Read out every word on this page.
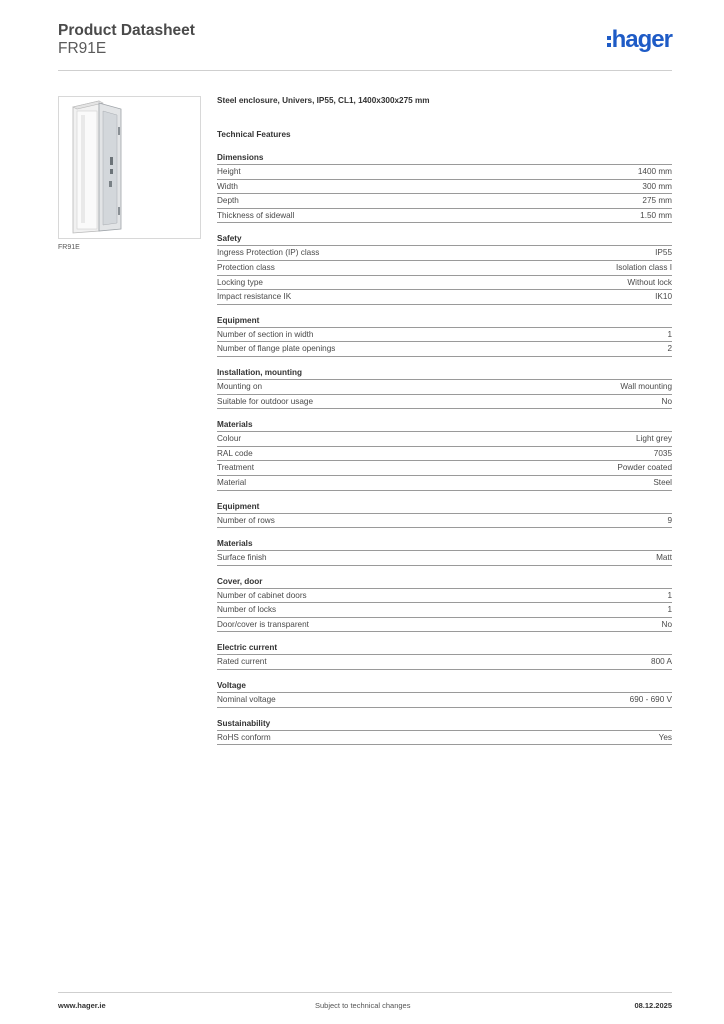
Product Datasheet
FR91E	hager
FR91E
Steel enclosure, Univers, IP55, CL1, 1400x300x275 mm
Technical Features
Dimensions
Height	1400 mm
Width	300 mm
Depth	275 mm
Thickness of sidewall	1.50 mm
Safety
Ingress Protection (IP) class	IP55
Protection class	Isolation class I
Locking type	Without lock
Impact resistance IK	IK10
Equipment
Number of section in width	1
Number of flange plate openings	2
Installation, mounting
Mounting on	Wall mounting
Suitable for outdoor usage	No
Materials
Colour	Light grey
RAL code	7035
Treatment	Powder coated
Material	Steel
Equipment
Number of rows	9
Materials
Surface finish	Matt
Cover, door
Number of cabinet doors	1
Number of locks	1
Door/cover is transparent	No
Electric current
Rated current	800 A
Voltage
Nominal voltage	690 - 690 V
Sustainability
RoHS conform	Yes
www.hager.ie	Subject to technical changes	08.12.2025
